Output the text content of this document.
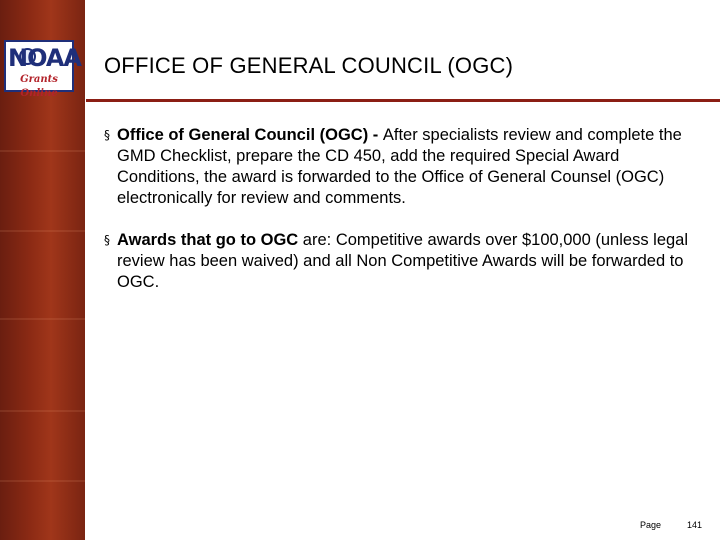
NOAA
Grants Online
OFFICE OF GENERAL COUNCIL (OGC)

§ Office of General Council (OGC) - After specialists review and complete the GMD Checklist, prepare the CD 450, add the required Special Award Conditions, the award is forwarded to the Office of General Counsel (OGC) electronically for review and comments.

§ Awards that go to OGC are: Competitive awards over $100,000 (unless legal review has been waived) and all Non Competitive Awards will be forwarded to OGC.

Page	141
